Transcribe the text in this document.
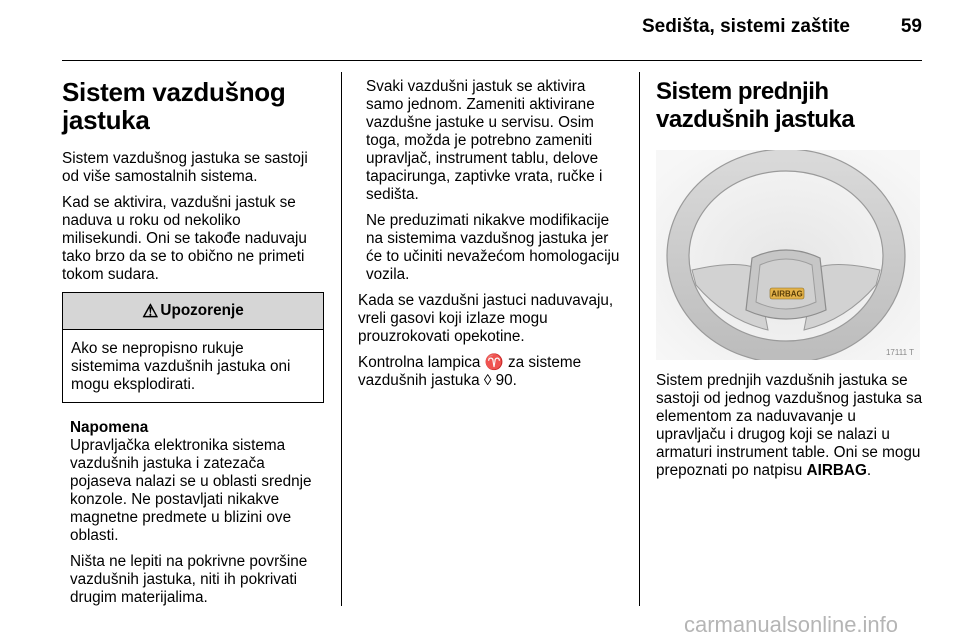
Sedišta, sistemi zaštite	59
Sistem vazdušnog jastuka

Sistem vazdušnog jastuka se sastoji od više samostalnih sistema.

Kad se aktivira, vazdušni jastuk se naduva u roku od nekoliko milisekundi. Oni se takođe naduvaju tako brzo da se to obično ne primeti tokom sudara.

⚠ Upozorenje
Ako se nepropisno rukuje sistemima vazdušnih jastuka oni mogu eksplodirati.
Napomena

Upravljačka elektronika sistema vazdušnih jastuka i zatezača pojaseva nalazi se u oblasti srednje konzole. Ne postavljati nikakve magnetne predmete u blizini ove oblasti.

Ništa ne lepiti na pokrivne površine vazdušnih jastuka, niti ih pokrivati drugim materijalima.

Svaki vazdušni jastuk se aktivira samo jednom. Zameniti aktivirane vazdušne jastuke u servisu. Osim toga, možda je potrebno zameniti upravljač, instrument tablu, delove tapacirunga, zaptivke vrata, ručke i sedišta.

Ne preduzimati nikakve modifikacije na sistemima vazdušnog jastuka jer će to učiniti nevažećom homologaciju vozila.

Kada se vazdušni jastuci naduvavaju, vreli gasovi koji izlaze mogu prouzrokovati opekotine.

Kontrolna lampica ♈ za sisteme vazdušnih jastuka ◊ 90.

Sistem prednjih vazdušnih jastuka
AIRBAG
17111 T

Sistem prednjih vazdušnih jastuka se sastoji od jednog vazdušnog jastuka sa elementom za naduvavanje u upravljaču i drugog koji se nalazi u armaturi instrument table. Oni se mogu prepoznati po natpisu AIRBAG.

carmanualsonline.info
